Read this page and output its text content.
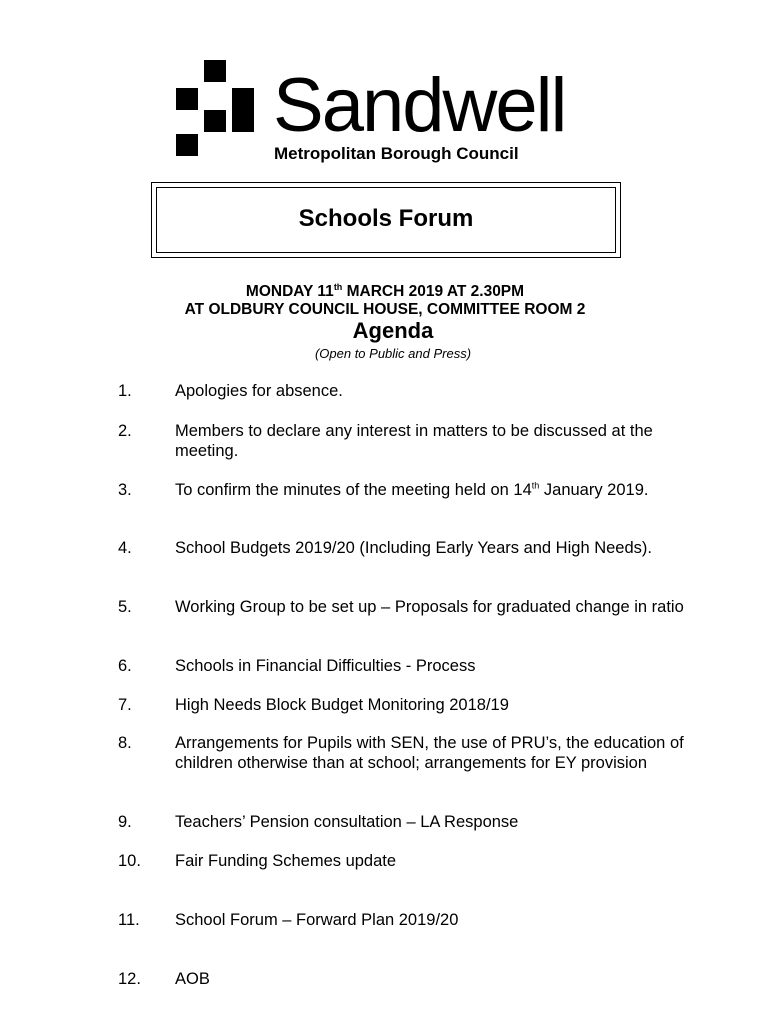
Sandwell
Metropolitan Borough Council
Schools Forum
MONDAY 11th MARCH 2019 AT 2.30PM
AT OLDBURY COUNCIL HOUSE, COMMITTEE ROOM 2
Agenda
(Open to Public and Press)
1.	Apologies for absence.
2.	Members to declare any interest in matters to be discussed at the meeting.
3.	To confirm the minutes of the meeting held on 14th January 2019.
4.	School Budgets 2019/20 (Including Early Years and High Needs).
5.	Working Group to be set up – Proposals for graduated change in ratio
6.	Schools in Financial Difficulties - Process
7.	High Needs Block Budget Monitoring 2018/19
8.	Arrangements for Pupils with SEN, the use of PRU’s, the education of children otherwise than at school; arrangements for EY provision
9.	Teachers’ Pension consultation – LA Response
10. Fair Funding Schemes update
11. School Forum – Forward Plan 2019/20
12. AOB
